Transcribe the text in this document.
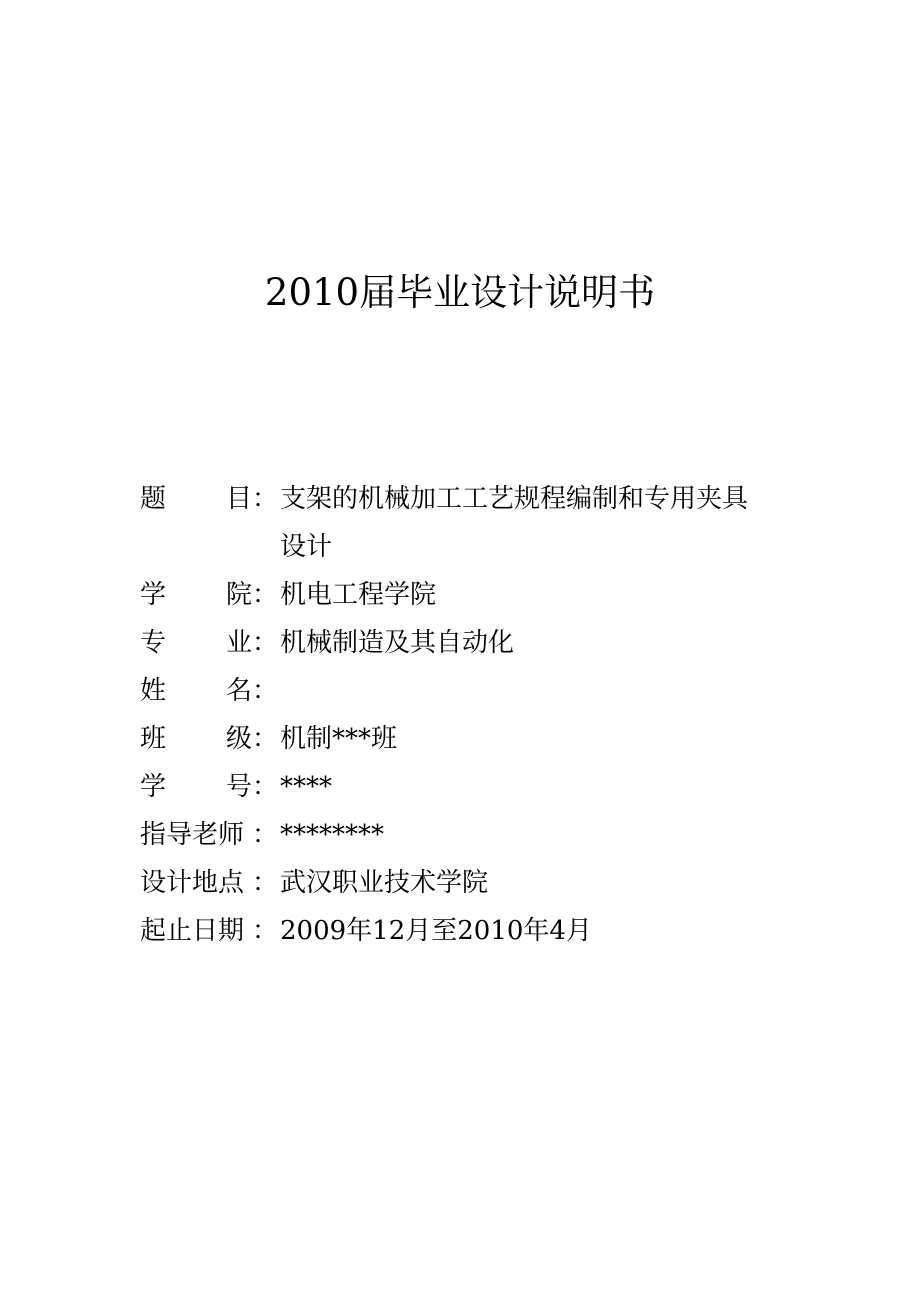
2010届毕业设计说明书
题 目 ： 支架的机械加工工艺规程编制和专用夹具
设计
学 院 ： 机电工程学院
专 业 ： 机械制造及其自动化
姓 名 ：
班 级 ： 机制***班
学 号 ： ****
指导老师 ： ********
设计地点 ： 武汉职业技术学院
起止日期 ： 2009年12月至2010年4月
